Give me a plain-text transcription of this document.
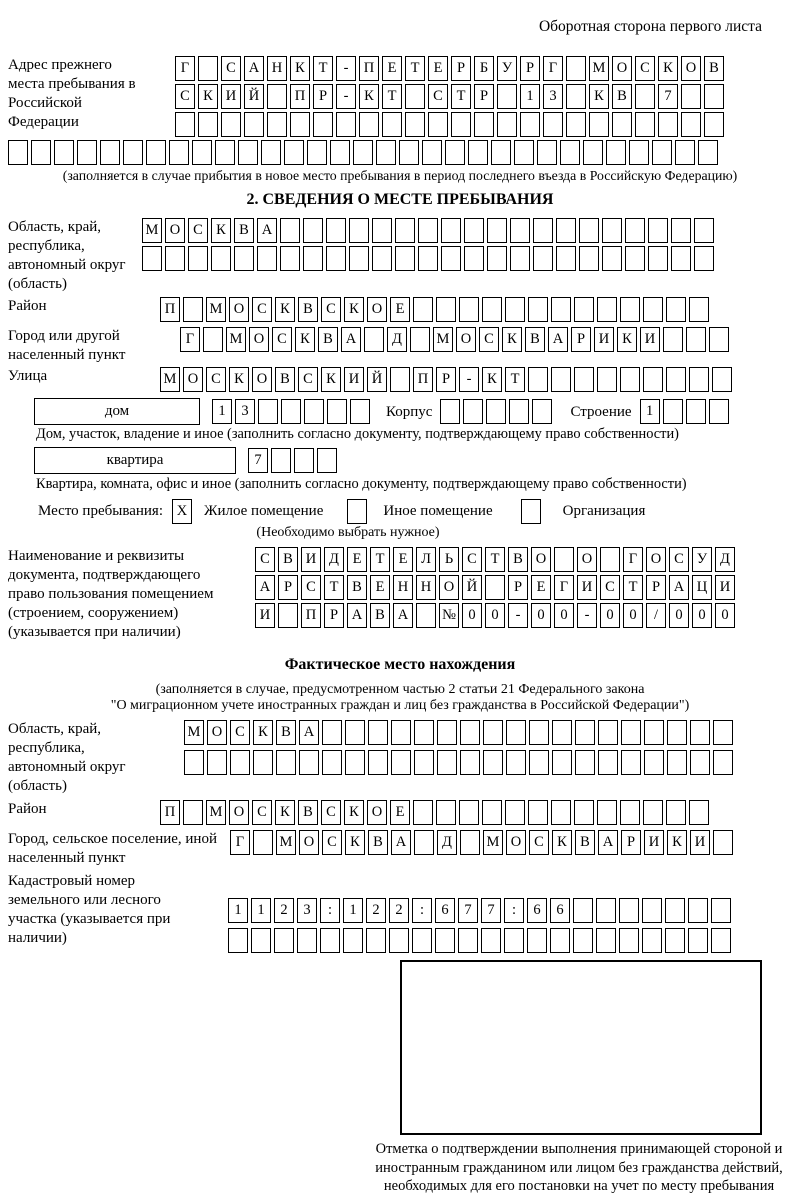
Оборотная сторона первого листа
Адрес прежнего места пребывания в Российской Федерации
Г	С А Н К Т	-	П Е Т Е	Р	Б У Р	Г	М О С К О В
С К И Й	П Р	-	К Т	С Т	Р	1	3	К В	7
(заполняется в случае прибытия в новое место пребывания в период последнего въезда в Российскую Федерацию)
2. СВЕДЕНИЯ О МЕСТЕ ПРЕБЫВАНИЯ
Область, край, республика, автономный округ (область)
М О С К В А
Район	П	М О С К В С К О Е
Город или другой населенный пункт
Г	М О С К В А	Д	М О С К В А Р И К И
Улица	М О С К О В С К И Й	П Р	-	К Т
дом	1	3	Корпус	Строение 1
Дом, участок, владение и иное (заполнить согласно документу, подтверждающему право собственности)
квартира	7
Квартира, комната, офис и иное (заполнить согласно документу, подтверждающему право собственности)
Место пребывания: X	Жилое помещение	Иное помещение	Организация
(Необходимо выбрать нужное)
Наименование и реквизиты документа, подтверждающего право пользования помещением (строением, сооружением) (указывается при наличии)
С В И Д Е Т Е Л Ь С Т В О	О	Г О С У Д
А Р С Т В Е Н Н О Й	Р	Е Г И С Т	Р А Ц И
И	П Р А В А	№ 0	0	-	0	0	-	0	0	/	0	0	0
Фактическое место нахождения
(заполняется в случае, предусмотренном частью 2 статьи 21 Федерального закона
"О миграционном учете иностранных граждан и лиц без гражданства в Российской Федерации")
Область, край, республика, автономный округ (область)
М О С К В А
Район	П	М О С К В С К О Е
Город, сельское поселение, иной населенный пункт
Г	М О С К В А	Д	М О С К В А Р И К И
Кадастровый номер земельного или лесного участка (указывается при наличии)
1	1	2	3	:	1	2	2	:	6	7	7	:	6	6
Отметка о подтверждении выполнения принимающей стороной и иностранным гражданином или лицом без гражданства действий, необходимых для его постановки на учет по месту пребывания
